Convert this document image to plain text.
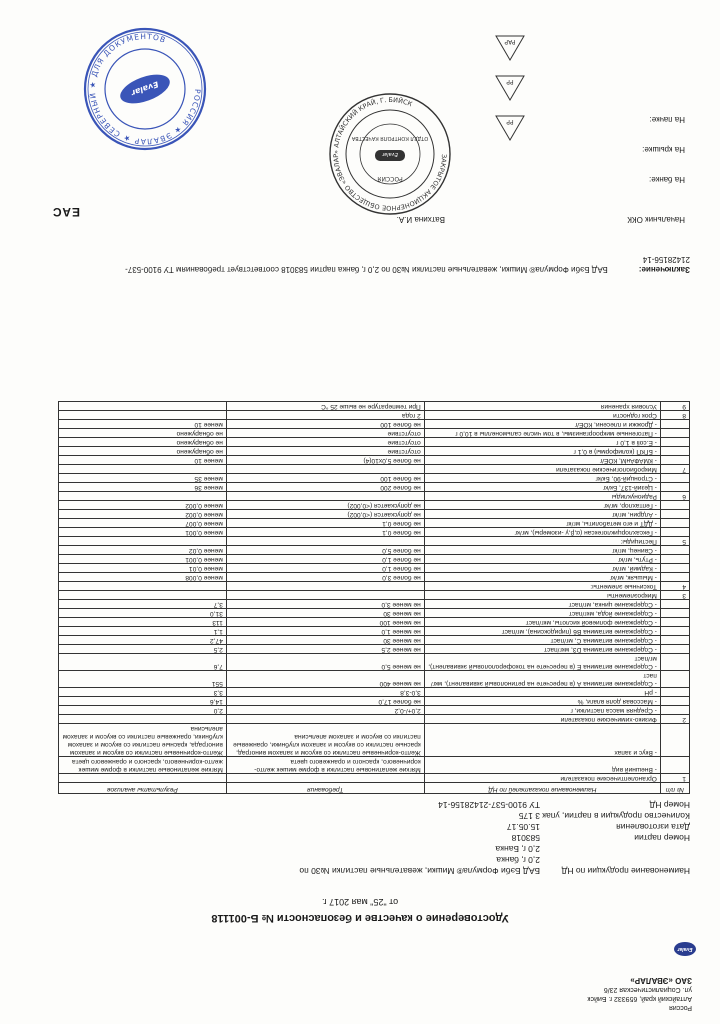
Россия
Алтайский край, 659332 г. Бийск
ул. Социалистическая 23/6
ЗАО «ЭВАЛАР»
Evalar
Удостоверение о качестве и безопасности № Б-001118
от "25" мая 2017 г.
Наименование продукции по НД
БАД Бэби Формула® Мишки, жевательные пастилки №30 по 2,0 г, банка
2,0 г, Банка
Номер партии
583018
Дата изготовления
15.05.17
Количество продукции в партии, упак
3 175
Номер НД
ТУ 9100-537-21428156-14
№ п/п	Наименование показателей по НД	Требования	Результаты анализов
1	Органолептические показатели		
	- Внешний вид	Мягкие желатиновые пастилки в форме мишек желто-коричневого, красного и оранжевого цвета	Мягкие желатиновые пастилки в форме мишек желто-коричневого, красного и оранжевого цвета
	- Вкус и запах	Желто-коричневые пастилки со вкусом и запахом виноград, красные пастилки со вкусом и запахом клубники, оранжевые пастилки со вкусом и запахом апельсина	Желто-коричневые пастилки со вкусом и запахом винограда, красные пастилки со вкусом и запахом клубники, оранжевые пастилки со вкусом и запахом апельсина
2	Физико-химические показатели		
	- Средняя масса пастилки, г	2,0+/-0,2	2,0
	- Массовая доля влаги, %	не более 17,0	14,6
	- pH	3,0-3,8	3,3
	- Содержание витамина А (в пересчете на ретиноловый эквивалент), мкг/паст	не менее 400	551
	- Содержание витамина Е (в пересчете на токоферололовый эквивалент), мг/паст	не менее 5,0	7,6
	- Содержание витамина D3, мкг/паст	не менее 2,5	2,5
	- Содержание витамина С, мг/паст	не менее 30	47,2
	- Содержание витамина В6 (пиридоксина), мг/паст	не менее 1,0	1,1
	- Содержание фолиевой кислоты, мкг/паст	не менее 100	113
	- Содержание йода, мкг/паст	не менее 30	31,0
	- Содержание цинка, мг/паст	не менее 3,0	3,7
3	Микроэлементы		
4	Токсичные элементы:		
	- Мышьяк, мг/кг	не более 3,0	менее 0,008
	- Кадмий, мг/кг	не более 1,0	менее 0,01
	- Ртуть, мг/кг	не более 1,0	менее 0,001
	- Свинец, мг/кг	не более 5,0	менее 0,02
5	Пестициды:		
	- Гексахлорциклогексан (α,β,γ -изомеры), мг/кг	не более 0,1	менее 0,001
	- ДДТ и его метаболиты, мг/кг	не более 0,1	менее 0,007
	- Алдрин, мг/кг	не допускается (<0,002)	менее 0,002
	- Гептахлор, мг/кг	не допускается (<0,002)	менее 0,002
6	Радионуклиды		
	- Цезий-137, Бк/кг	не более 200	менее 36
	- Стронций-90, Бк/кг	не более 100	менее 35
7	Микробиологические показатели		
	- КМАФАнМ, КОЕ/г	не более 5,0х10(4)	менее 10
	- БГКП (колиформы) в 0,1 г	отсутствие	не обнаружено
	- E.coli в 1,0 г	отсутствие	не обнаружено
	- Патогенные микроорганизмы, в том числе сальмонеллы в 10,0 г	отсутствие	не обнаружено
	- Дрожжи и плесени, КОЕ/г	не более 100	менее 10
8	Срок годности	2 года	
9	Условия хранения	При температуре не выше 25 °С	
Заключение: БАД Бэби Формула® Мишки, жевательные пастилки №30 по 2,0 г, банка партии 583018 соответствует требованиям ТУ 9100-537-21428156-14
Начальник ОКК
Ватхина И.А.
ЕАС
На банке:
На крышке:
На пачке:
PP
PP
PAP
ЗАКРЫТОЕ АКЦИОНЕРНОЕ ОБЩЕСТВО «ЭВАЛАР» АЛТАЙСКИЙ КРАЙ, Г. БИЙСК
РОССИЯ
Evalar
ОТДЕЛ КОНТРОЛЯ КАЧЕСТВА
РОССИЯ ★ ЭВАЛАР ★ СЕВЕРНЫЙ ★ ДЛЯ ДОКУМЕНТОВ
Evalar
